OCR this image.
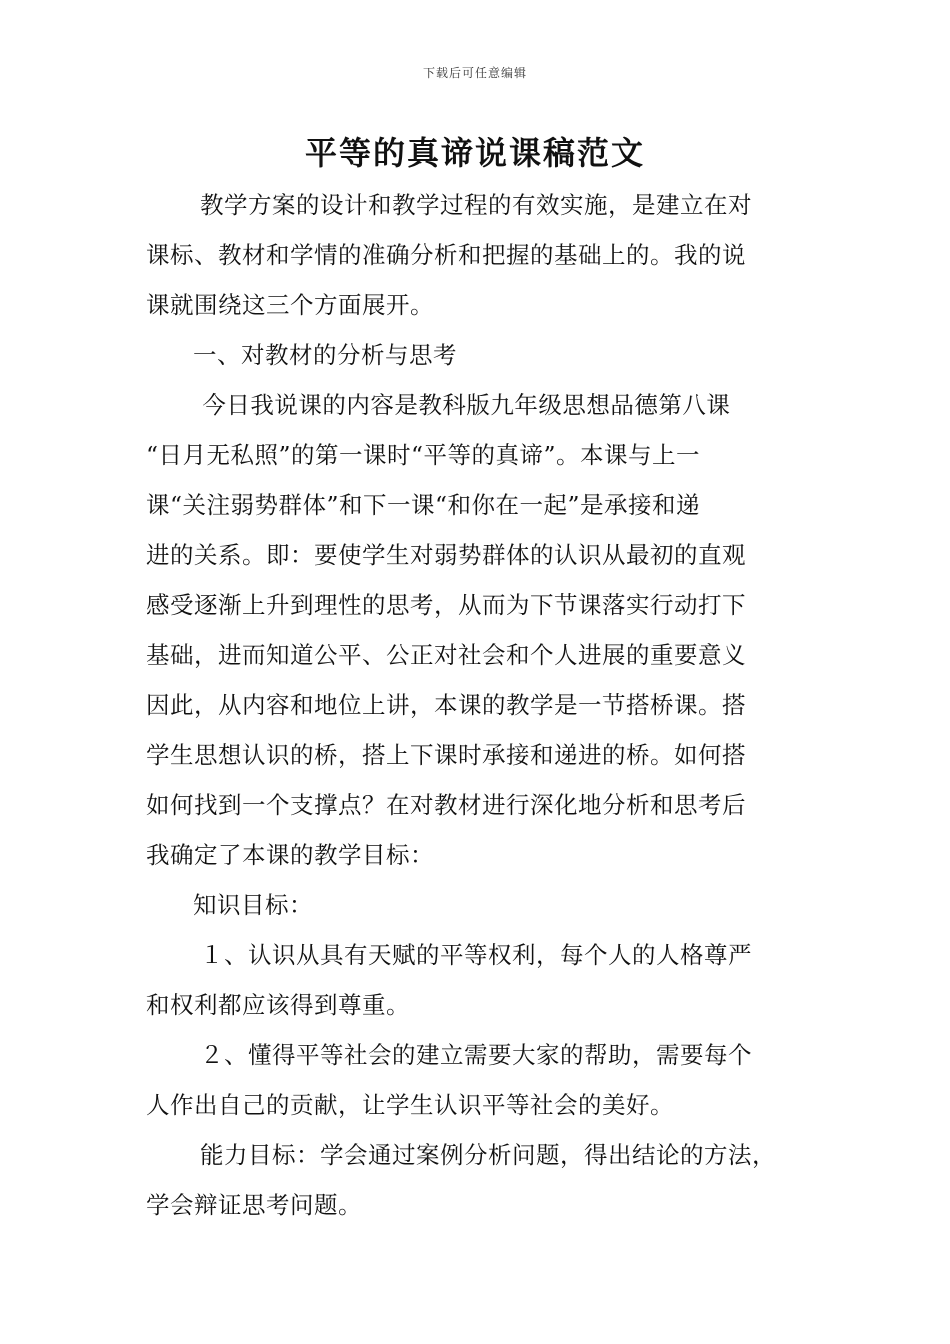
下载后可任意编辑
平等的真谛说课稿范文
教学方案的设计和教学过程的有效实施，是建立在对
课标、教材和学情的准确分析和把握的基础上的。我的说
课就围绕这三个方面展开。
一、对教材的分析与思考
今日我说课的内容是教科版九年级思想品德第八课
“日月无私照”的第一课时“平等的真谛”。本课与上一
课“关注弱势群体”和下一课“和你在一起”是承接和递
进的关系。即：要使学生对弱势群体的认识从最初的直观
感受逐渐上升到理性的思考，从而为下节课落实行动打下
基础，进而知道公平、公正对社会和个人进展的重要意义
因此，从内容和地位上讲，本课的教学是一节搭桥课。搭
学生思想认识的桥，搭上下课时承接和递进的桥。如何搭
如何找到一个支撑点？在对教材进行深化地分析和思考后
我确定了本课的教学目标：
知识目标：
１、认识从具有天赋的平等权利，每个人的人格尊严
和权利都应该得到尊重。
２、懂得平等社会的建立需要大家的帮助，需要每个
人作出自己的贡献，让学生认识平等社会的美好。
能力目标：学会通过案例分析问题，得出结论的方法，
学会辩证思考问题。
